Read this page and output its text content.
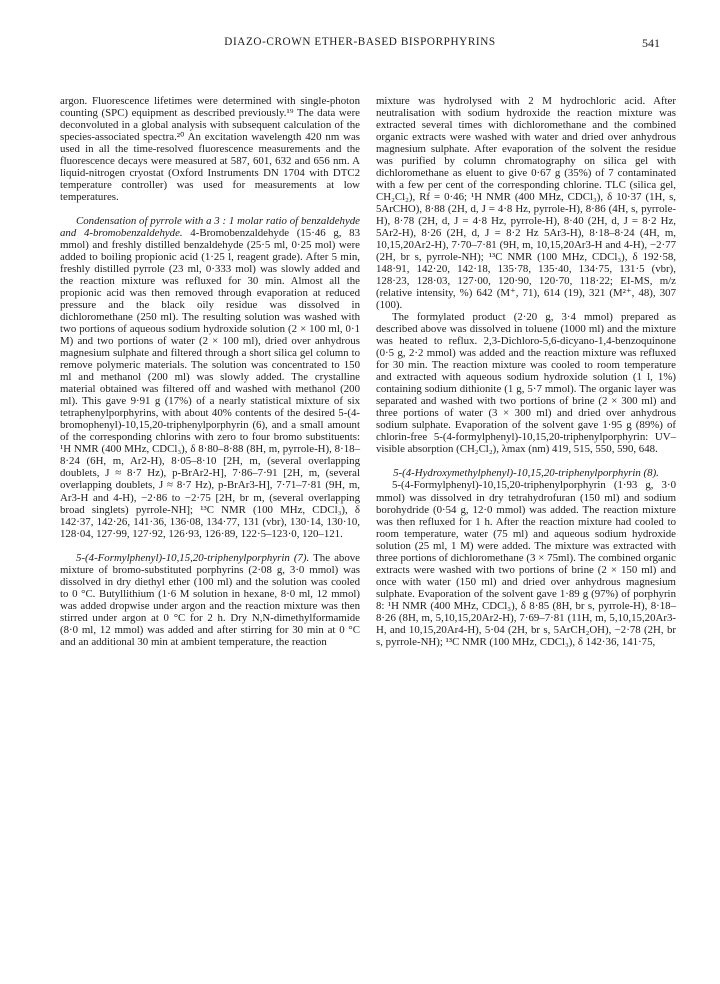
DIAZO-CROWN ETHER-BASED BISPORPHYRINS	541

argon. Fluorescence lifetimes were determined with single-photon counting (SPC) equipment as described previously.¹⁹ The data were deconvoluted in a global analysis with subsequent calculation of the species-associated spectra.²⁰ An excitation wavelength 420 nm was used in all the time-resolved fluorescence measurements and the fluorescence decays were measured at 587, 601, 632 and 656 nm. A liquid-nitrogen cryostat (Oxford Instruments DN 1704 with DTC2 temperature controller) was used for measurements at low temperatures.

Condensation of pyrrole with a 3 : 1 molar ratio of benzaldehyde and 4-bromobenzaldehyde. 4-Bromobenzaldehyde (15·46 g, 83 mmol) and freshly distilled benzaldehyde (25·5 ml, 0·25 mol) were added to boiling propionic acid (1·25 l, reagent grade). After 5 min, freshly distilled pyrrole (23 ml, 0·333 mol) was slowly added and the reaction mixture was refluxed for 30 min. Almost all the propionic acid was then removed through evaporation at reduced pressure and the black oily residue was dissolved in dichloromethane (250 ml). The resulting solution was washed with two portions of aqueous sodium hydroxide solution (2 × 100 ml, 0·1 M) and two portions of water (2 × 100 ml), dried over anhydrous magnesium sulphate and filtered through a short silica gel column to remove polymeric materials. The solution was concentrated to 150 ml and methanol (200 ml) was slowly added. The crystalline material obtained was filtered off and washed with methanol (200 ml). This gave 9·91 g (17%) of a nearly statistical mixture of six tetraphenylporphyrins, with about 40% contents of the desired 5-(4-bromophenyl)-10,15,20-triphenylporphyrin (6), and a small amount of the corresponding chlorins with zero to four bromo substituents: ¹H NMR (400 MHz, CDCl₃), δ 8·80–8·88 (8H, m, pyrrole-H), 8·18–8·24 (6H, m, Ar2-H), 8·05–8·10 [2H, m, (several overlapping doublets, J ≈ 8·7 Hz), p-BrAr2-H], 7·86–7·91 [2H, m, (several overlapping doublets, J ≈ 8·7 Hz), p-BrAr3-H], 7·71–7·81 (9H, m, Ar3-H and 4-H), −2·86 to −2·75 [2H, br m, (several overlapping broad singlets) pyrrole-NH]; ¹³C NMR (100 MHz, CDCl₃), δ 142·37, 142·26, 141·36, 136·08, 134·77, 131 (vbr), 130·14, 130·10, 128·04, 127·99, 127·92, 126·93, 126·89, 122·5–123·0, 120–121.

5-(4-Formylphenyl)-10,15,20-triphenylporphyrin (7). The above mixture of bromo-substituted porphyrins (2·08 g, 3·0 mmol) was dissolved in dry diethyl ether (100 ml) and the solution was cooled to 0 °C. Butyllithium (1·6 M solution in hexane, 8·0 ml, 12 mmol) was added dropwise under argon and the reaction mixture was then stirred under argon at 0 °C for 2 h. Dry N,N-dimethylformamide (8·0 ml, 12 mmol) was added and after stirring for 30 min at 0 °C and an additional 30 min at ambient temperature, the reaction

mixture was hydrolysed with 2 M hydrochloric acid. After neutralisation with sodium hydroxide the reaction mixture was extracted several times with dichloromethane and the combined organic extracts were washed with water and dried over anhydrous magnesium sulphate. After evaporation of the solvent the residue was purified by column chromatography on silica gel with dichloromethane as eluent to give 0·67 g (35%) of 7 contaminated with a few per cent of the corresponding chlorine. TLC (silica gel, CH₂Cl₂), Rf = 0·46; ¹H NMR (400 MHz, CDCl₃), δ 10·37 (1H, s, 5ArCHO), 8·88 (2H, d, J = 4·8 Hz, pyrrole-H), 8·86 (4H, s, pyrrole-H), 8·78 (2H, d, J = 4·8 Hz, pyrrole-H), 8·40 (2H, d, J = 8·2 Hz, 5Ar2-H), 8·26 (2H, d, J = 8·2 Hz 5Ar3-H), 8·18–8·24 (4H, m, 10,15,20Ar2-H), 7·70–7·81 (9H, m, 10,15,20Ar3-H and 4-H), −2·77 (2H, br s, pyrrole-NH); ¹³C NMR (100 MHz, CDCl₃), δ 192·58, 148·91, 142·20, 142·18, 135·78, 135·40, 134·75, 131·5 (vbr), 128·23, 128·03, 127·00, 120·90, 120·70, 118·22; EI-MS, m/z (relative intensity, %) 642 (M⁺, 71), 614 (19), 321 (M²⁺, 48), 307 (100).

The formylated product (2·20 g, 3·4 mmol) prepared as described above was dissolved in toluene (1000 ml) and the mixture was heated to reflux. 2,3-Dichloro-5,6-dicyano-1,4-benzoquinone (0·5 g, 2·2 mmol) was added and the reaction mixture was refluxed for 30 min. The reaction mixture was cooled to room temperature and extracted with aqueous sodium hydroxide solution (1 l, 1%) containing sodium dithionite (1 g, 5·7 mmol). The organic layer was separated and washed with two portions of brine (2 × 300 ml) and three portions of water (3 × 300 ml) and dried over anhydrous sodium sulphate. Evaporation of the solvent gave 1·95 g (89%) of chlorin-free 5-(4-formylphenyl)-10,15,20-triphenylporphyrin: UV–visible absorption (CH₂Cl₂), λmax (nm) 419, 515, 550, 590, 648.

5-(4-Hydroxymethylphenyl)-10,15,20-triphenylporphyrin (8).

5-(4-Formylphenyl)-10,15,20-triphenylporphyrin (1·93 g, 3·0 mmol) was dissolved in dry tetrahydrofuran (150 ml) and sodium borohydride (0·54 g, 12·0 mmol) was added. The reaction mixture was then refluxed for 1 h. After the reaction mixture had cooled to room temperature, water (75 ml) and aqueous sodium hydroxide solution (25 ml, 1 M) were added. The mixture was extracted with three portions of dichloromethane (3 × 75ml). The combined organic extracts were washed with two portions of brine (2 × 150 ml) and once with water (150 ml) and dried over anhydrous magnesium sulphate. Evaporation of the solvent gave 1·89 g (97%) of porphyrin 8: ¹H NMR (400 MHz, CDCl₃), δ 8·85 (8H, br s, pyrrole-H), 8·18–8·26 (8H, m, 5,10,15,20Ar2-H), 7·69–7·81 (11H, m, 5,10,15,20Ar3-H, and 10,15,20Ar4-H), 5·04 (2H, br s, 5ArCH₂OH), −2·78 (2H, br s, pyrrole-NH); ¹³C NMR (100 MHz, CDCl₃), δ 142·36, 141·75,
